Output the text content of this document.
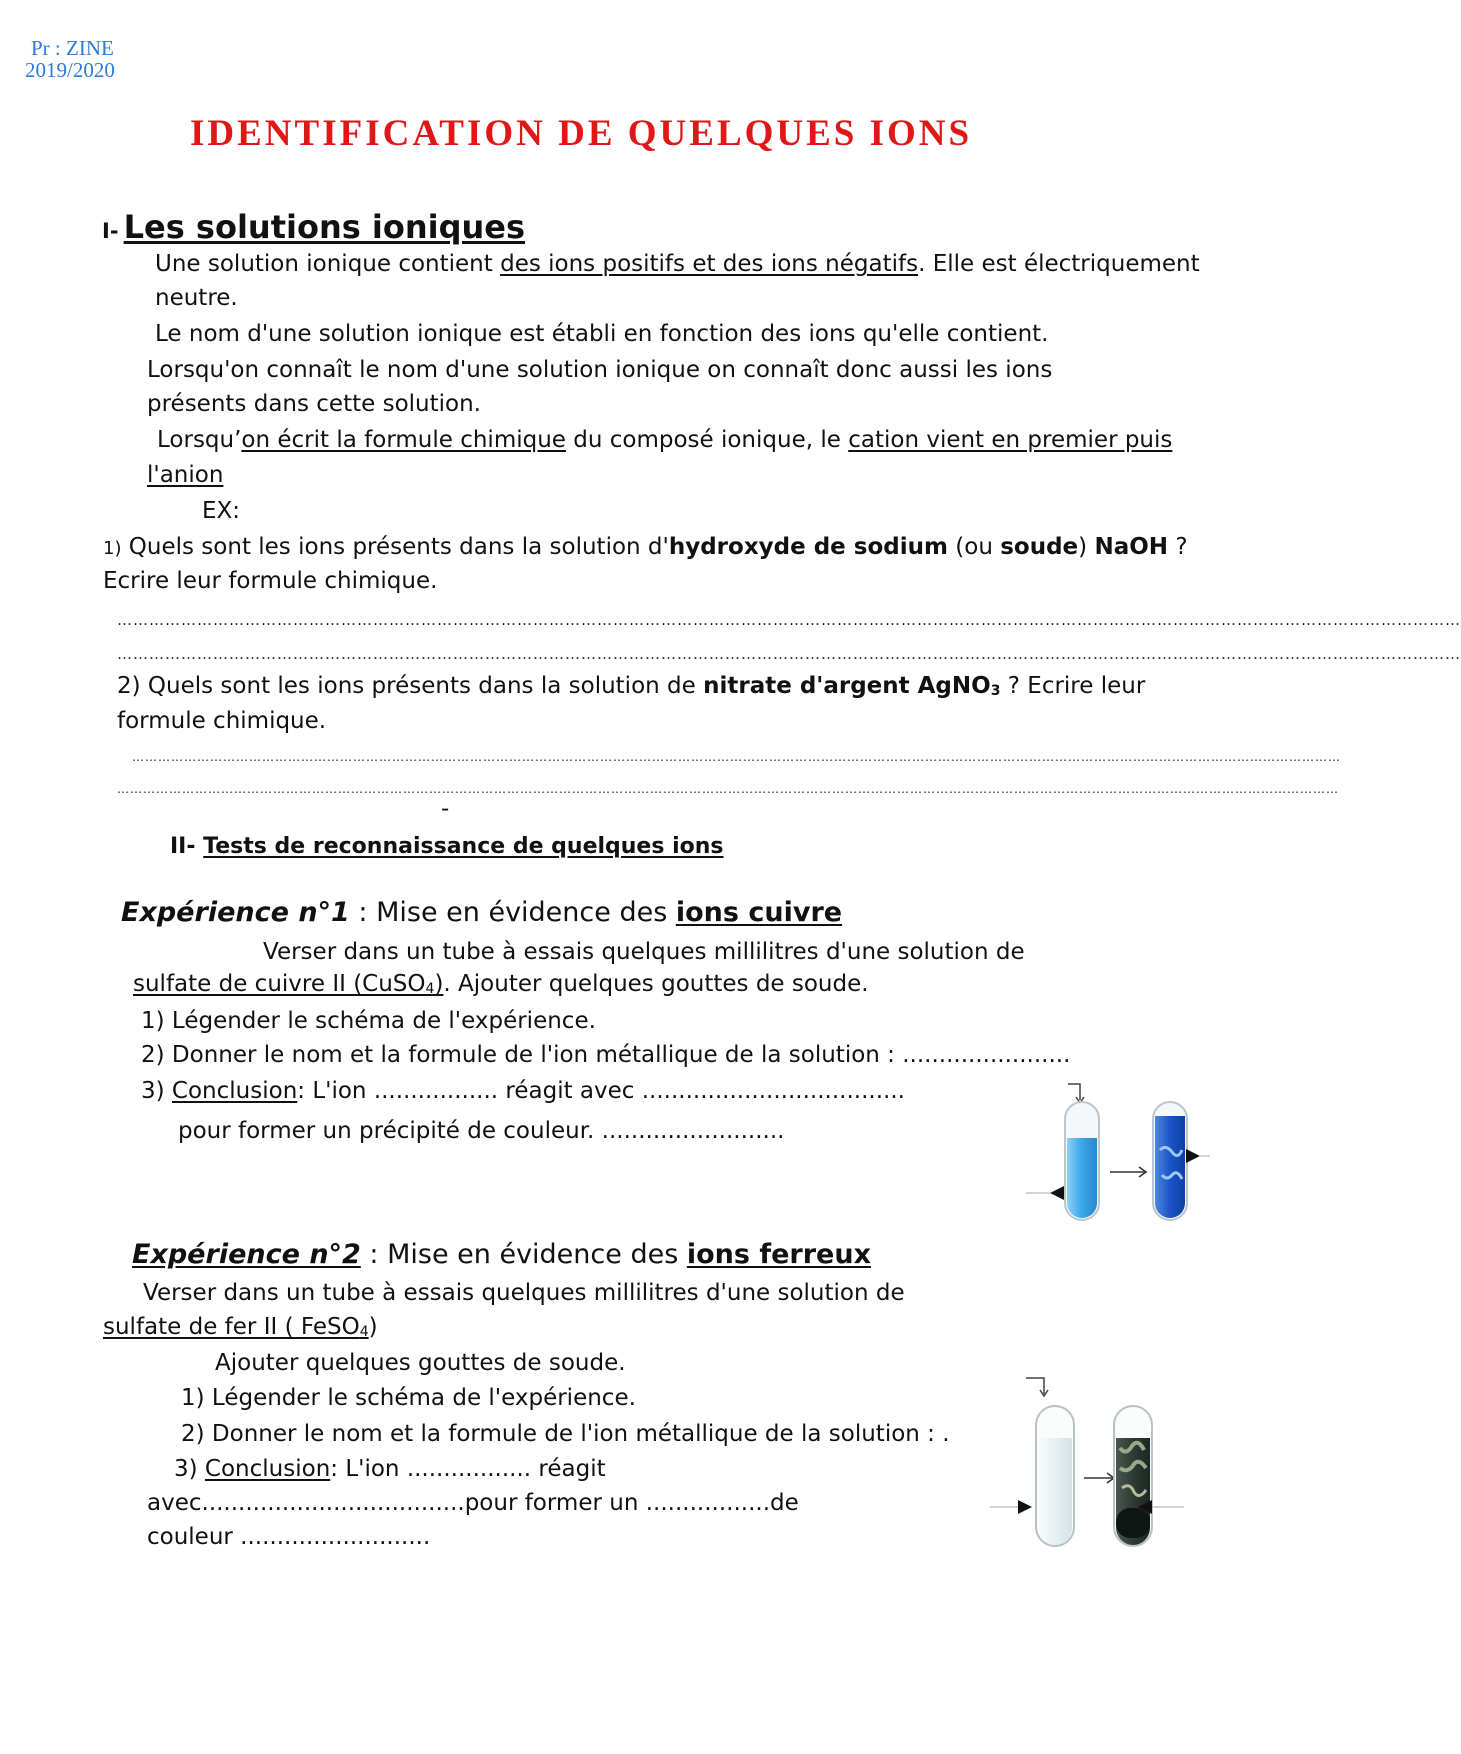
Pr : ZINE
2019/2020
IDENTIFICATION DE QUELQUES IONS
I- Les solutions ioniques
Une solution ionique contient des ions positifs et des ions négatifs. Elle est électriquement
neutre.
Le nom d'une solution ionique est établi en fonction des ions qu'elle contient.
Lorsqu'on connaît le nom d'une solution ionique on connaît donc aussi les ions
présents dans cette solution.
Lorsqu’on écrit la formule chimique du composé ionique, le cation vient en premier puis
l'anion
EX:
1) Quels sont les ions présents dans la solution d'hydroxyde de sodium (ou soude) NaOH ?
Ecrire leur formule chimique.
………………………………………………………………………………………………………………………………………………………………………………………………………………………………
………………………………………………………………………………………………………………………………………………………………………………………………………………………………
2) Quels sont les ions présents dans la solution de nitrate d'argent AgNO$_3$ ? Ecrire leur
formule chimique.
………………………………………………………………………………………………………………………………………………………………………………………………………………………………………………………
…………………………………………………………………………………………………………………………………………………………………………………………………………………………………………………………
-
II- Tests de reconnaissance de quelques ions
Expérience n°1 : Mise en évidence des ions cuivre
Verser dans un tube à essais quelques millilitres d'une solution de
sulfate de cuivre II (CuSO$_4$). Ajouter quelques gouttes de soude.
1) Légender le schéma de l'expérience.
2) Donner le nom et la formule de l'ion métallique de la solution : .......................
3) Conclusion: L'ion ................. réagit avec ....................................
pour former un précipité de couleur. .........................
Expérience n°2 : Mise en évidence des ions ferreux
Verser dans un tube à essais quelques millilitres d'une solution de
sulfate de fer II ( FeSO$_4$)
Ajouter quelques gouttes de soude.
1) Légender le schéma de l'expérience.
2) Donner le nom et la formule de l'ion métallique de la solution : .
3) Conclusion: L'ion ................. réagit
avec....................................pour former un .................de
couleur ..........................
